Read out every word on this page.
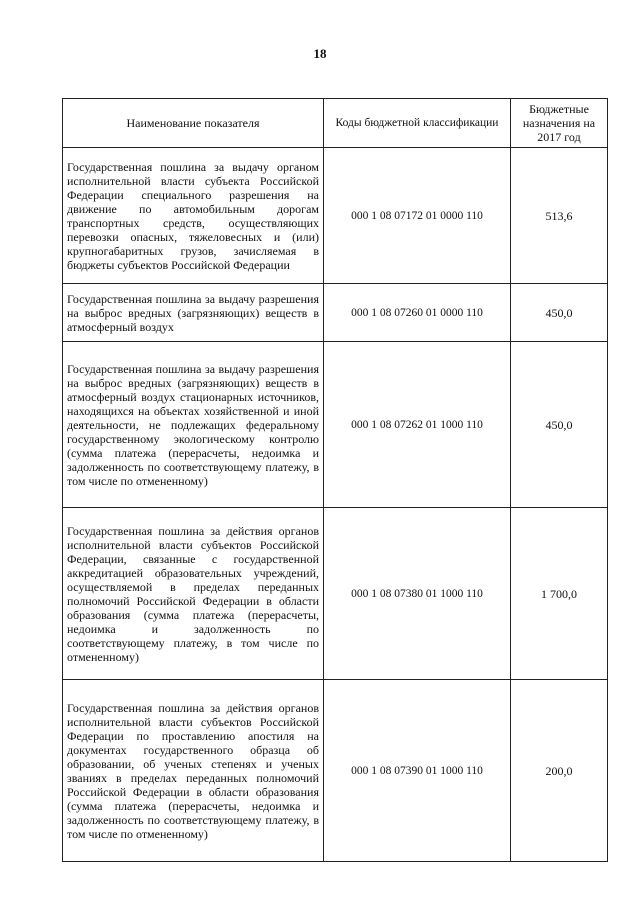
18
Наименование показателя	Коды бюджетной классификации	Бюджетные назначения на 2017 год
Государственная пошлина за выдачу органом исполнительной власти субъекта Российской Федерации специального разрешения на движение по автомобильным дорогам транспортных средств, осуществляющих перевозки опасных, тяжеловесных и (или) крупногабаритных грузов, зачисляемая в бюджеты субъектов Российской Федерации	000 1 08 07172 01 0000 110	513,6
Государственная пошлина за выдачу разрешения на выброс вредных (загрязняющих) веществ в атмосферный воздух	000 1 08 07260 01 0000 110	450,0
Государственная пошлина за выдачу разрешения на выброс вредных (загрязняющих) веществ в атмосферный воздух стационарных источников, находящихся на объектах хозяйственной и иной деятельности, не подлежащих федеральному государственному экологическому контролю (сумма платежа (перерасчеты, недоимка и задолженность по соответствующему платежу, в том числе по отмененному)	000 1 08 07262 01 1000 110	450,0
Государственная пошлина за действия органов исполнительной власти субъектов Российской Федерации, связанные с государственной аккредитацией образовательных учреждений, осуществляемой в пределах переданных полномочий Российской Федерации в области образования (сумма платежа (перерасчеты, недоимка и задолженность по соответствующему платежу, в том числе по отмененному)	000 1 08 07380 01 1000 110	1 700,0
Государственная пошлина за действия органов исполнительной власти субъектов Российской Федерации по проставлению апостиля на документах государственного образца об образовании, об ученых степенях и ученых званиях в пределах переданных полномочий Российской Федерации в области образования (сумма платежа (перерасчеты, недоимка и задолженность по соответствующему платежу, в том числе по отмененному)	000 1 08 07390 01 1000 110	200,0
